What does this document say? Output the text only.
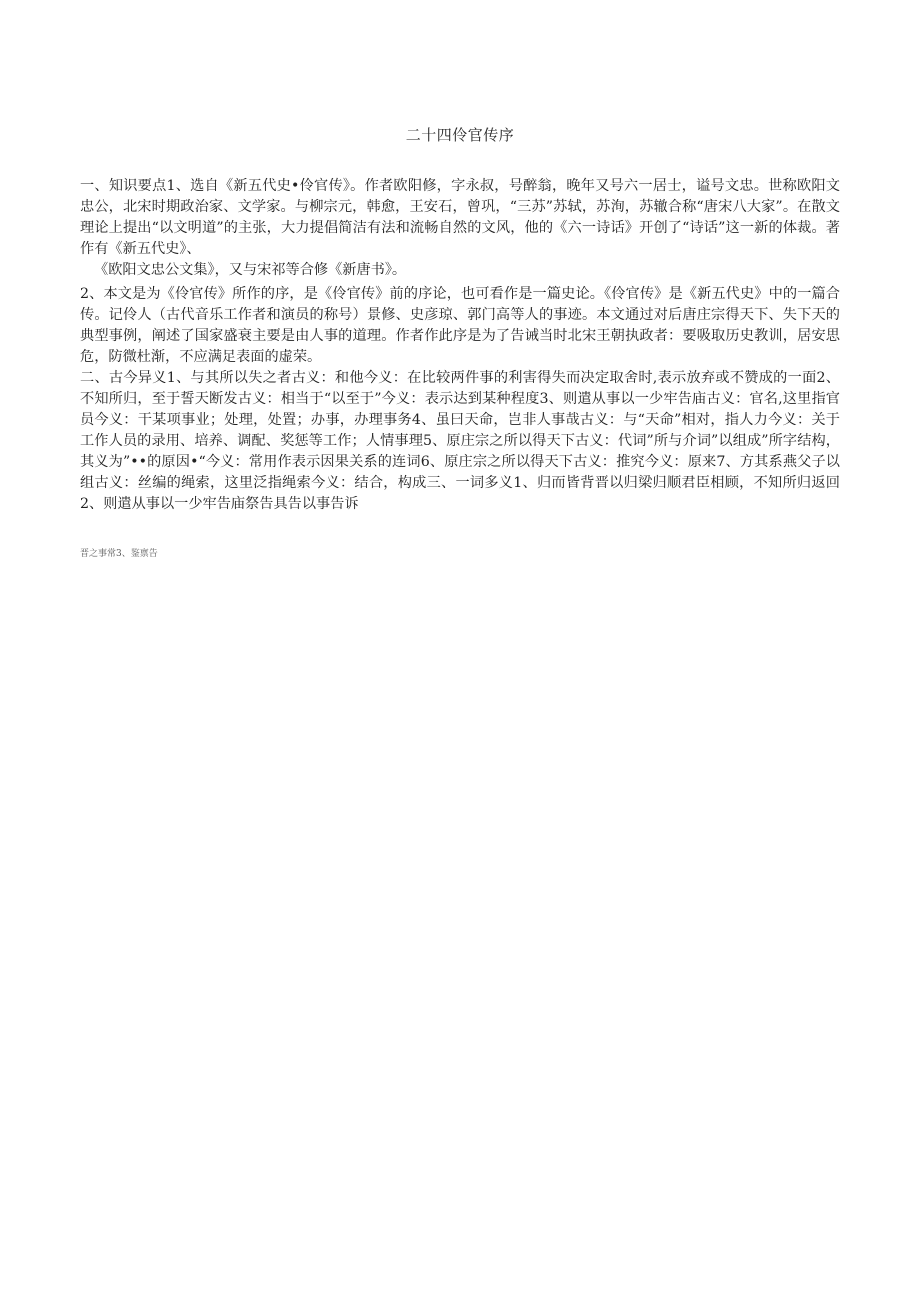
二十四伶官传序

一、知识要点1、选自《新五代史•伶官传》。作者欧阳修，字永叔，号醉翁，晚年又号六一居士，谥号文忠。世称欧阳文忠公，北宋时期政治家、文学家。与柳宗元，韩愈，王安石，曾巩，“三苏”苏轼，苏洵，苏辙合称“唐宋八大家”。在散文理论上提出“以文明道”的主张，大力提倡简洁有法和流畅自然的文风，他的《六一诗话》开创了“诗话”这一新的体裁。著作有《新五代史》、

《欧阳文忠公文集》，又与宋祁等合修《新唐书》。

2、本文是为《伶官传》所作的序，是《伶官传》前的序论，也可看作是一篇史论。《伶官传》是《新五代史》中的一篇合传。记伶人（古代音乐工作者和演员的称号）景修、史彦琼、郭门高等人的事迹。本文通过对后唐庄宗得天下、失下天的典型事例，阐述了国家盛衰主要是由人事的道理。作者作此序是为了告诫当时北宋王朝执政者：要吸取历史教训，居安思危，防微杜渐，不应满足表面的虚荣。

二、古今异义1、与其所以失之者古义：和他今义：在比较两件事的利害得失而决定取舍时,表示放弃或不赞成的一面2、不知所归，至于誓天断发古义：相当于“以至于”今义：表示达到某种程度3、则遣从事以一少牢告庙古义：官名,这里指官员今义：干某项事业；处理，处置；办事，办理事务4、虽曰天命，岂非人事哉古义：与“天命”相对，指人力今义：关于工作人员的录用、培养、调配、奖惩等工作；人情事理5、原庄宗之所以得天下古义：代词”所与介词”以组成”所字结构，其义为”••的原因•“今义：常用作表示因果关系的连词6、原庄宗之所以得天下古义：推究今义：原来7、方其系燕父子以组古义：丝编的绳索，这里泛指绳索今义：结合，构成三、一词多义1、归而皆背晋以归梁归顺君臣相顾，不知所归返回2、则遣从事以一少牢告庙祭告具告以事告诉

晋之事常3、鉴禀告
